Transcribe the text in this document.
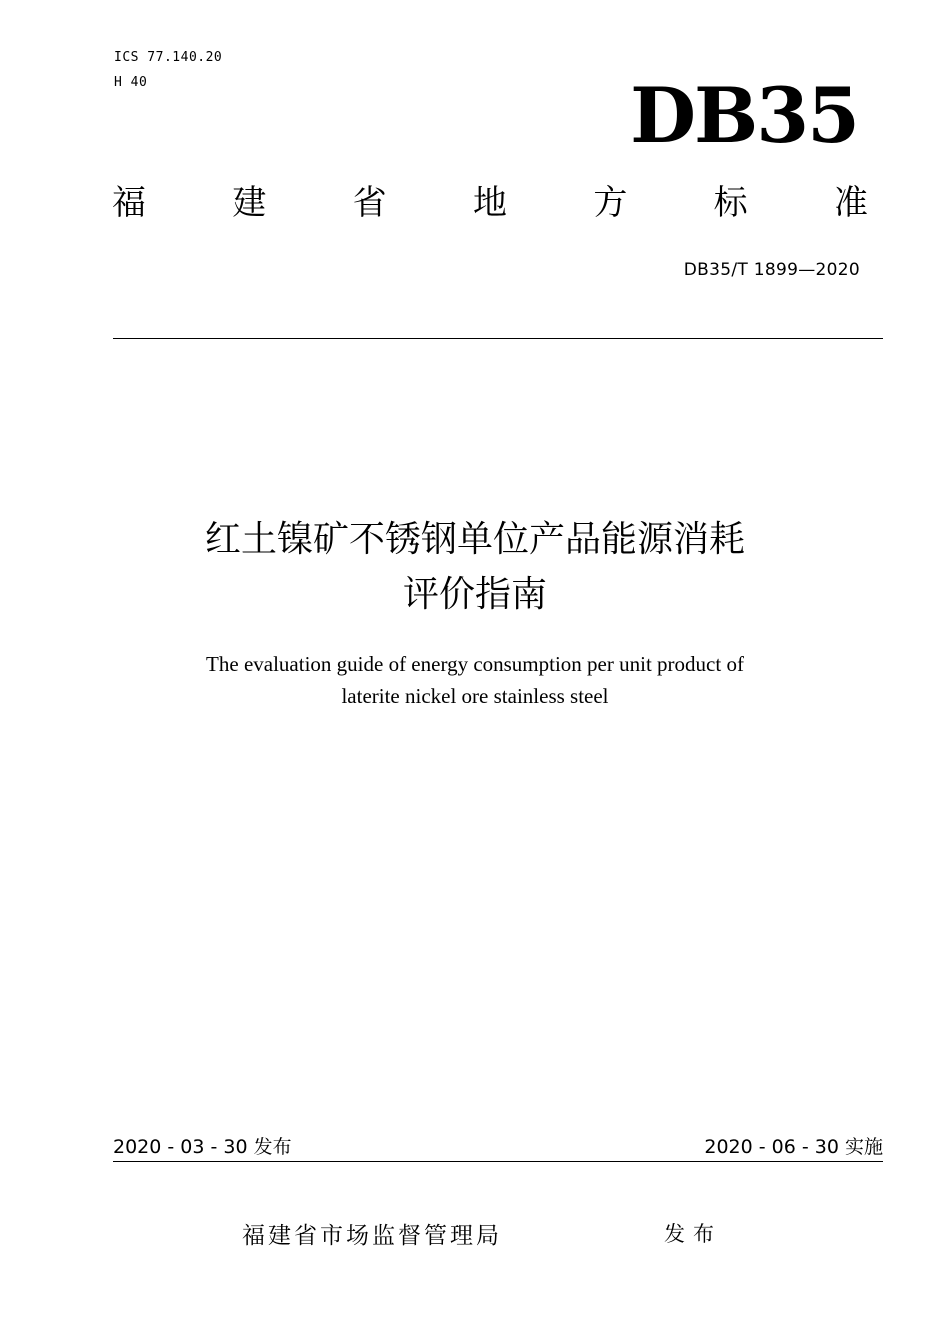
ICS 77.140.20
H 40	DB35
福	建	省	地	方	标	准
DB35/T 1899—2020
红土镍矿不锈钢单位产品能源消耗
评价指南
The evaluation guide of energy consumption per unit product of
laterite nickel ore stainless steel
2020 - 03 - 30 发布	2020 - 06 - 30 实施
福建省市场监督管理局	发布
